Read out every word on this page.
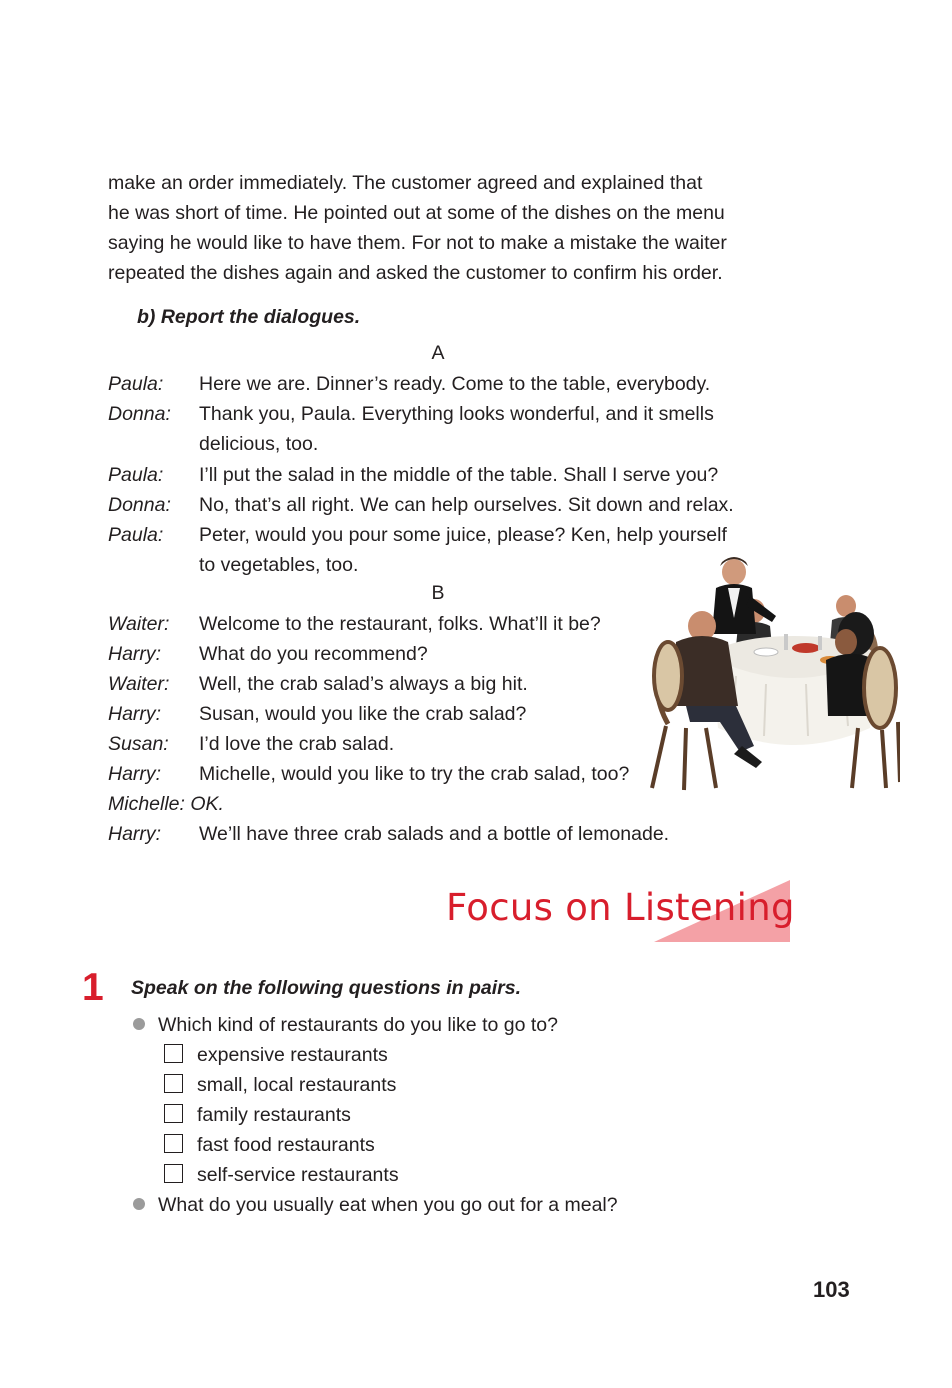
make an order immediately. The customer agreed and explained that
he was short of time. He pointed out at some of the dishes on the menu
saying he would like to have them. For not to make a mistake the waiter
repeated the dishes again and asked the customer to confirm his order.
b) Report the dialogues.
A
Paula: Here we are. Dinner’s ready. Come to the table, everybody.
Donna: Thank you, Paula. Everything looks wonderful, and it smells
delicious, too.
Paula: I’ll put the salad in the middle of the table. Shall I serve you?
Donna: No, that’s all right. We can help ourselves. Sit down and relax.
Paula: Peter, would you pour some juice, please? Ken, help yourself
to vegetables, too.
B
Waiter: Welcome to the restaurant, folks. What’ll it be?
Harry: What do you recommend?
Waiter: Well, the crab salad’s always a big hit.
Harry: Susan, would you like the crab salad?
Susan: I’d love the crab salad.
Harry: Michelle, would you like to try the crab salad, too?
Michelle: OK.
Harry: We’ll have three crab salads and a bottle of lemonade.
Focus on Listening
1 Speak on the following questions in pairs.
Which kind of restaurants do you like to go to?
expensive restaurants
small, local restaurants
family restaurants
fast food restaurants
self-service restaurants
What do you usually eat when you go out for a meal?
103
